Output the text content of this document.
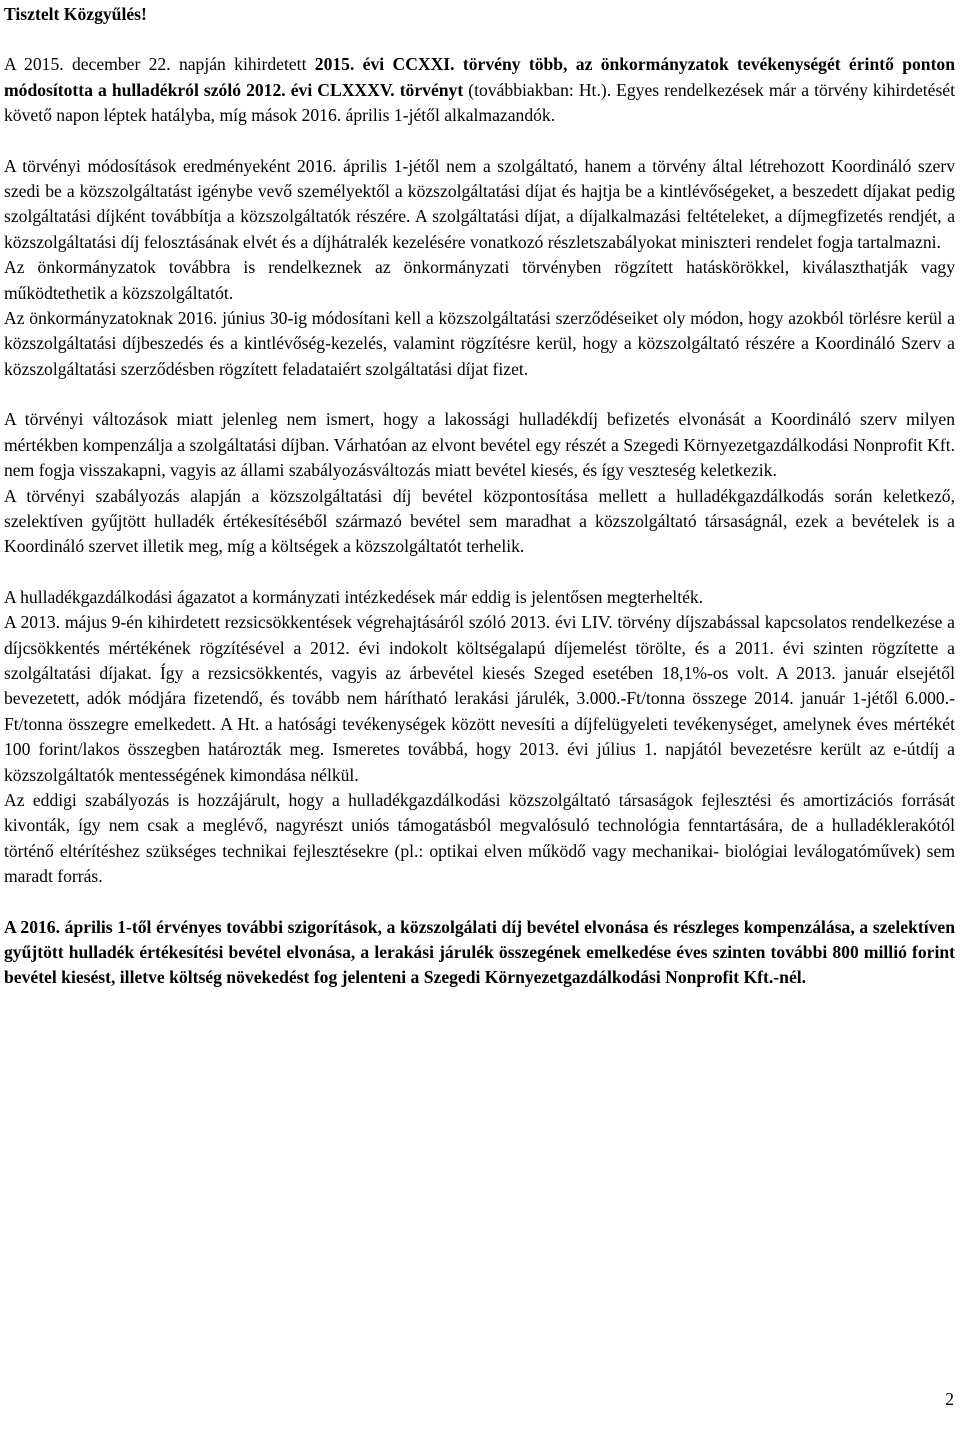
Tisztelt Közgyűlés!

A 2015. december 22. napján kihirdetett 2015. évi CCXXI. törvény több, az önkormányzatok tevékenységét érintő ponton módosította a hulladékról szóló 2012. évi CLXXXV. törvényt (továbbiakban: Ht.). Egyes rendelkezések már a törvény kihirdetését követő napon léptek hatályba, míg mások 2016. április 1-jétől alkalmazandók.

A törvényi módosítások eredményeként 2016. április 1-jétől nem a szolgáltató, hanem a törvény által létrehozott Koordináló szerv szedi be a közszolgáltatást igénybe vevő személyektől a közszolgáltatási díjat és hajtja be a kintlévőségeket, a beszedett díjakat pedig szolgáltatási díjként továbbítja a közszolgáltatók részére. A szolgáltatási díjat, a díjalkalmazási feltételeket, a díjmegfizetés rendjét, a közszolgáltatási díj felosztásának elvét és a díjhátralék kezelésére vonatkozó részletszabályokat miniszteri rendelet fogja tartalmazni.

Az önkormányzatok továbbra is rendelkeznek az önkormányzati törvényben rögzített hatáskörökkel, kiválaszthatják vagy működtethetik a közszolgáltatót.

Az önkormányzatoknak 2016. június 30-ig módosítani kell a közszolgáltatási szerződéseiket oly módon, hogy azokból törlésre kerül a közszolgáltatási díjbeszedés és a kintlévőség-kezelés, valamint rögzítésre kerül, hogy a közszolgáltató részére a Koordináló Szerv a közszolgáltatási szerződésben rögzített feladataiért szolgáltatási díjat fizet.

A törvényi változások miatt jelenleg nem ismert, hogy a lakossági hulladékdíj befizetés elvonását a Koordináló szerv milyen mértékben kompenzálja a szolgáltatási díjban. Várhatóan az elvont bevétel egy részét a Szegedi Környezetgazdálkodási Nonprofit Kft. nem fogja visszakapni, vagyis az állami szabályozásváltozás miatt bevétel kiesés, és így veszteség keletkezik.

A törvényi szabályozás alapján a közszolgáltatási díj bevétel központosítása mellett a hulladékgazdálkodás során keletkező, szelektíven gyűjtött hulladék értékesítéséből származó bevétel sem maradhat a közszolgáltató társaságnál, ezek a bevételek is a Koordináló szervet illetik meg, míg a költségek a közszolgáltatót terhelik.

A hulladékgazdálkodási ágazatot a kormányzati intézkedések már eddig is jelentősen megterhelték.

A 2013. május 9-én kihirdetett rezsicsökkentések végrehajtásáról szóló 2013. évi LIV. törvény díjszabással kapcsolatos rendelkezése a díjcsökkentés mértékének rögzítésével a 2012. évi indokolt költségalapú díjemelést törölte, és a 2011. évi szinten rögzítette a szolgáltatási díjakat. Így a rezsicsökkentés, vagyis az árbevétel kiesés Szeged esetében 18,1%-os volt. A 2013. január elsejétől bevezetett, adók módjára fizetendő, és tovább nem hárítható lerakási járulék, 3.000.-Ft/tonna összege 2014. január 1-jétől 6.000.-Ft/tonna összegre emelkedett. A Ht. a hatósági tevékenységek között nevesíti a díjfelügyeleti tevékenységet, amelynek éves mértékét 100 forint/lakos összegben határozták meg. Ismeretes továbbá, hogy 2013. évi július 1. napjától bevezetésre került az e-útdíj a közszolgáltatók mentességének kimondása nélkül.

Az eddigi szabályozás is hozzájárult, hogy a hulladékgazdálkodási közszolgáltató társaságok fejlesztési és amortizációs forrását kivonták, így nem csak a meglévő, nagyrészt uniós támogatásból megvalósuló technológia fenntartására, de a hulladéklerakótól történő eltérítéshez szükséges technikai fejlesztésekre (pl.: optikai elven működő vagy mechanikai- biológiai leválogatóművek) sem maradt forrás.

A 2016. április 1-től érvényes további szigorítások, a közszolgálati díj bevétel elvonása és részleges kompenzálása, a szelektíven gyűjtött hulladék értékesítési bevétel elvonása, a lerakási járulék összegének emelkedése éves szinten további 800 millió forint bevétel kiesést, illetve költség növekedést fog jelenteni a Szegedi Környezetgazdálkodási Nonprofit Kft.-nél.

2
